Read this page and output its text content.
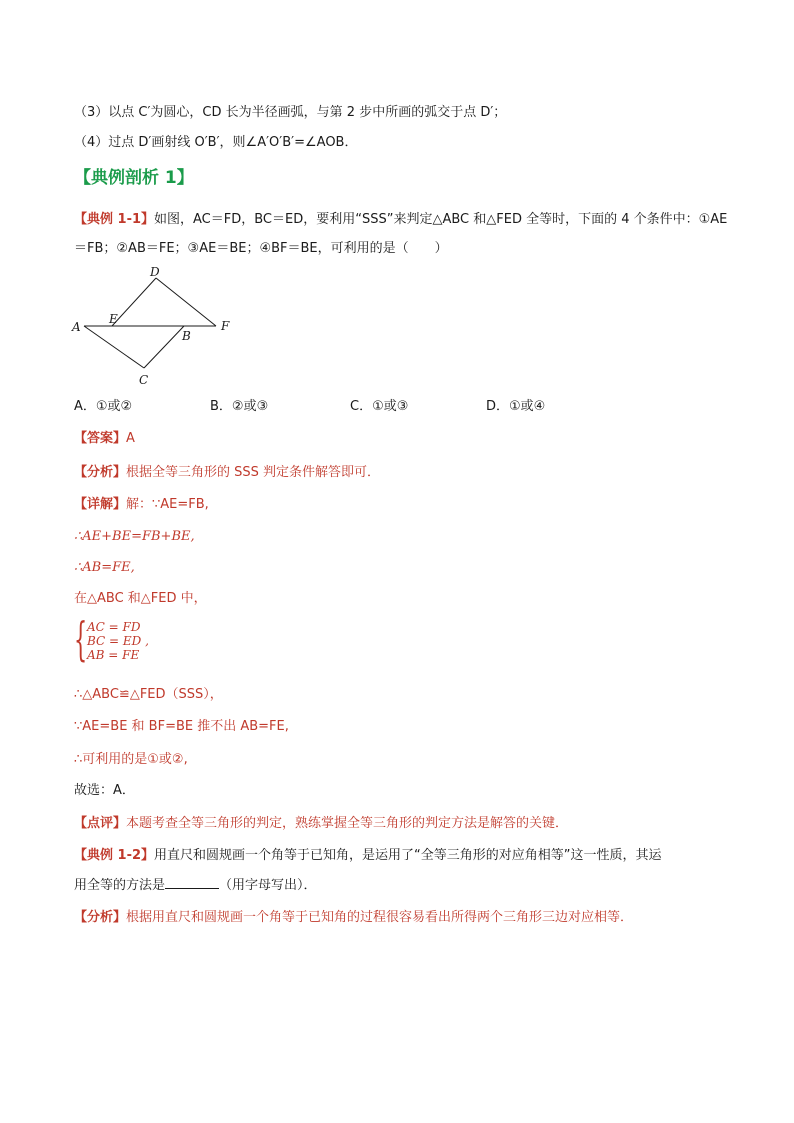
（3）以点 C′为圆心，CD 长为半径画弧，与第 2 步中所画的弧交于点 D′；
（4）过点 D′画射线 O′B′，则∠A′O′B′=∠AOB．
【典例剖析 1】
【典例 1-1】如图，AC＝FD，BC＝ED，要利用“SSS”来判定△ABC 和△FED 全等时，下面的 4 个条件中：①AE
＝FB；②AB＝FE；③AE＝BE；④BF＝BE，可利用的是（　　）
A
D
E	F
B
C
A．①或②	B．②或③	C．①或③	D．①或④
【答案】A
【分析】根据全等三角形的 SSS 判定条件解答即可．
【详解】解：∵AE=FB,
∴AE+BE=FB+BE,
∴AB=FE,
在△ABC 和△FED 中，
{ AC = FD
BC = ED ,
AB = FE
∴△ABC≌△FED（SSS），
∵AE=BE 和 BF=BE 推不出 AB=FE,
∴可利用的是①或②,
故选：A．
【点评】本题考查全等三角形的判定，熟练掌握全等三角形的判定方法是解答的关键．
【典例 1-2】用直尺和圆规画一个角等于已知角，是运用了“全等三角形的对应角相等”这一性质，其运
用全等的方法是	（用字母写出）．
【分析】根据用直尺和圆规画一个角等于已知角的过程很容易看出所得两个三角形三边对应相等．
